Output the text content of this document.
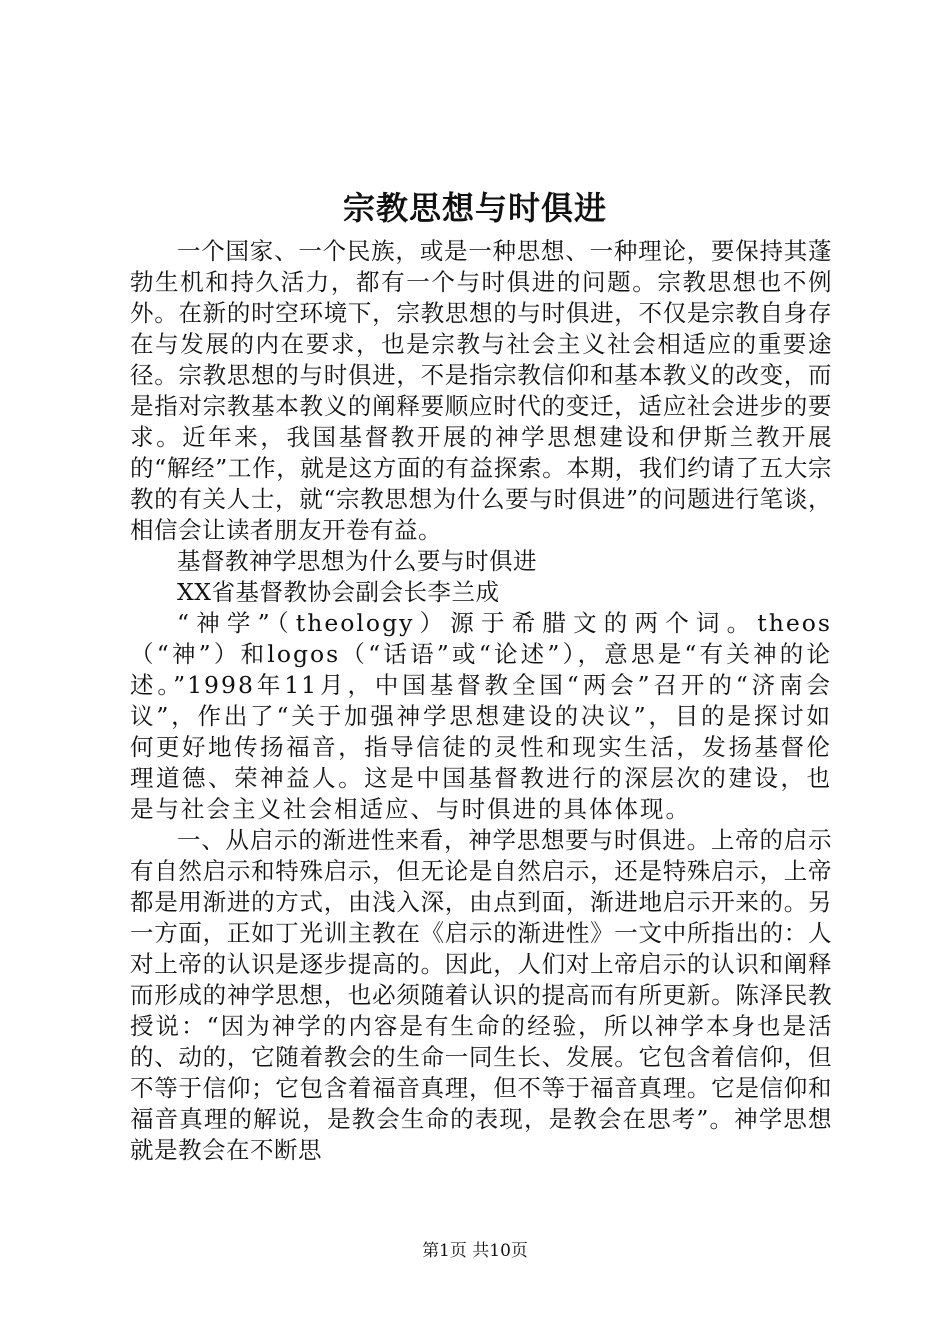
宗教思想与时俱进

一个国家、一个民族，或是一种思想、一种理论，要保持其蓬勃生机和持久活力，都有一个与时俱进的问题。宗教思想也不例外。在新的时空环境下，宗教思想的与时俱进，不仅是宗教自身存在与发展的内在要求，也是宗教与社会主义社会相适应的重要途径。宗教思想的与时俱进，不是指宗教信仰和基本教义的改变，而是指对宗教基本教义的阐释要顺应时代的变迁，适应社会进步的要求。近年来，我国基督教开展的神学思想建设和伊斯兰教开展的“解经”工作，就是这方面的有益探索。本期，我们约请了五大宗教的有关人士，就“宗教思想为什么要与时俱进”的问题进行笔谈，相信会让读者朋友开卷有益。

基督教神学思想为什么要与时俱进

XX省基督教协会副会长李兰成

“神学”（theology）源于希腊文的两个词。theos（“神”）和logos（“话语”或“论述”），意思是“有关神的论述。”1998年11月，中国基督教全国“两会”召开的“济南会议”，作出了“关于加强神学思想建设的决议”，目的是探讨如何更好地传扬福音，指导信徒的灵性和现实生活，发扬基督伦理道德、荣神益人。这是中国基督教进行的深层次的建设，也是与社会主义社会相适应、与时俱进的具体体现。

一、从启示的渐进性来看，神学思想要与时俱进。上帝的启示有自然启示和特殊启示，但无论是自然启示，还是特殊启示，上帝都是用渐进的方式，由浅入深，由点到面，渐进地启示开来的。另一方面，正如丁光训主教在《启示的渐进性》一文中所指出的：人对上帝的认识是逐步提高的。因此，人们对上帝启示的认识和阐释而形成的神学思想，也必须随着认识的提高而有所更新。陈泽民教授说：“因为神学的内容是有生命的经验，所以神学本身也是活的、动的，它随着教会的生命一同生长、发展。它包含着信仰，但不等于信仰；它包含着福音真理，但不等于福音真理。它是信仰和福音真理的解说，是教会生命的表现，是教会在思考”。神学思想就是教会在不断思

第1页 共10页
